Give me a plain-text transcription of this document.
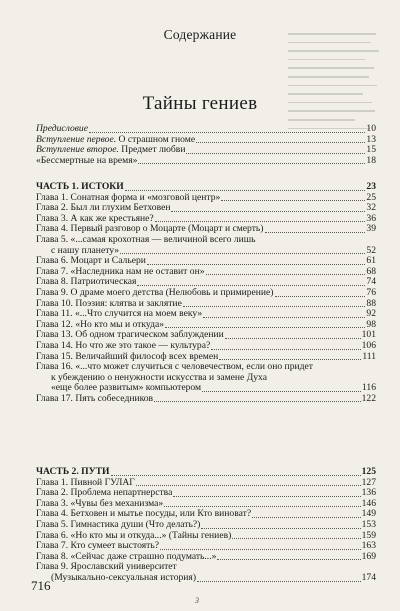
Содержание
Тайны гениев
Предисловие	10
Вступление первое. О страшном гноме	13
Вступление второе. Предмет любви	15
«Бессмертные на время»	18
ЧАСТЬ 1. ИСТОКИ	23
Глава 1. Сонатная форма и «мозговой центр»	25
Глава 2. Был ли глухим Бетховен	32
Глава 3. А как же крестьяне?	36
Глава 4. Первый разговор о Моцарте (Моцарт и смерть)	39
Глава 5. «...самая крохотная — величиной всего лишь
с нашу планету»	52
Глава 6. Моцарт и Сальери	61
Глава 7. «Наследника нам не оставит он»	68
Глава 8. Патриотическая	74
Глава 9. О драме моего детства (Нелюбовь и примирение)	76
Глава 10. Поэзия: клятва и заклятие	88
Глава 11. «...Что случится на моем веку»	92
Глава 12. «Но кто мы и откуда»	98
Глава 13. Об одном трагическом заблуждении	101
Глава 14. Но что же это такое — культура?	106
Глава 15. Величайший философ всех времен	111
Глава 16. «...что может случиться с человечеством, если оно придет
к убеждению о ненужности искусства и замене Духа
«еще более развитым» компьютером	116
Глава 17. Пять собеседников	122
ЧАСТЬ 2. ПУТИ	125
Глава 1. Пивной ГУЛАГ	127
Глава 2. Проблема непартнерства	136
Глава 3. «Чувы без механизма»	146
Глава 4. Бетховен и мытье посуды, или Кто виноват?	149
Глава 5. Гимнастика души (Что делать?)	153
Глава 6. «Но кто мы и откуда...» (Тайны гениев)	159
Глава 7. Кто сумеет выстоять?	163
Глава 8. «Сейчас даже страшно подумать...»	169
Глава 9. Ярославский университет
(Музыкально-сексуальная история)	174
716
3
